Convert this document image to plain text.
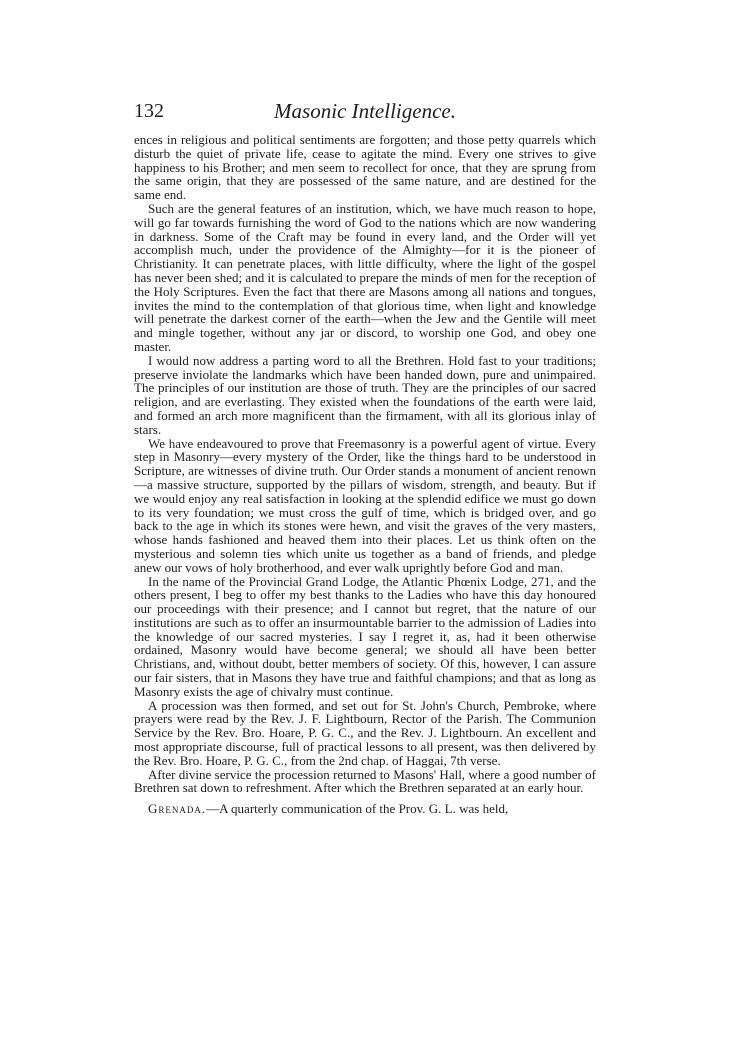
132	Masonic Intelligence.

ences in religious and political sentiments are forgotten; and those petty quarrels which disturb the quiet of private life, cease to agitate the mind. Every one strives to give happiness to his Brother; and men seem to recollect for once, that they are sprung from the same origin, that they are possessed of the same nature, and are destined for the same end.

Such are the general features of an institution, which, we have much reason to hope, will go far towards furnishing the word of God to the nations which are now wandering in darkness. Some of the Craft may be found in every land, and the Order will yet accomplish much, under the providence of the Almighty—for it is the pioneer of Christianity. It can penetrate places, with little difficulty, where the light of the gospel has never been shed; and it is calculated to prepare the minds of men for the reception of the Holy Scriptures. Even the fact that there are Masons among all nations and tongues, invites the mind to the contemplation of that glorious time, when light and knowledge will penetrate the darkest corner of the earth—when the Jew and the Gentile will meet and mingle together, without any jar or discord, to worship one God, and obey one master.

I would now address a parting word to all the Brethren. Hold fast to your traditions; preserve inviolate the landmarks which have been handed down, pure and unimpaired. The principles of our institution are those of truth. They are the principles of our sacred religion, and are everlasting. They existed when the foundations of the earth were laid, and formed an arch more magnificent than the firmament, with all its glorious inlay of stars.

We have endeavoured to prove that Freemasonry is a powerful agent of virtue. Every step in Masonry—every mystery of the Order, like the things hard to be understood in Scripture, are witnesses of divine truth. Our Order stands a monument of ancient renown—a massive structure, supported by the pillars of wisdom, strength, and beauty. But if we would enjoy any real satisfaction in looking at the splendid edifice we must go down to its very foundation; we must cross the gulf of time, which is bridged over, and go back to the age in which its stones were hewn, and visit the graves of the very masters, whose hands fashioned and heaved them into their places. Let us think often on the mysterious and solemn ties which unite us together as a band of friends, and pledge anew our vows of holy brotherhood, and ever walk uprightly before God and man.

In the name of the Provincial Grand Lodge, the Atlantic Phœnix Lodge, 271, and the others present, I beg to offer my best thanks to the Ladies who have this day honoured our proceedings with their presence; and I cannot but regret, that the nature of our institutions are such as to offer an insurmountable barrier to the admission of Ladies into the knowledge of our sacred mysteries. I say I regret it, as, had it been otherwise ordained, Masonry would have become general; we should all have been better Christians, and, without doubt, better members of society. Of this, however, I can assure our fair sisters, that in Masons they have true and faithful champions; and that as long as Masonry exists the age of chivalry must continue.

A procession was then formed, and set out for St. John's Church, Pembroke, where prayers were read by the Rev. J. F. Lightbourn, Rector of the Parish. The Communion Service by the Rev. Bro. Hoare, P. G. C., and the Rev. J. Lightbourn. An excellent and most appropriate discourse, full of practical lessons to all present, was then delivered by the Rev. Bro. Hoare, P. G. C., from the 2nd chap. of Haggai, 7th verse.

After divine service the procession returned to Masons' Hall, where a good number of Brethren sat down to refreshment. After which the Brethren separated at an early hour.

Grenada.—A quarterly communication of the Prov. G. L. was held,
